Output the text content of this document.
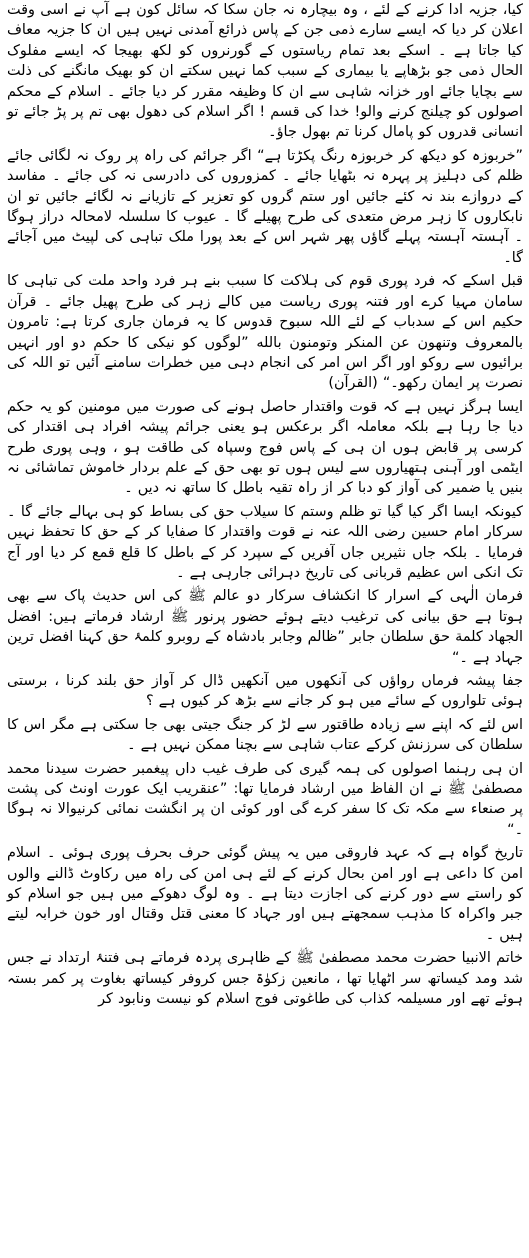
کیا، جزیہ ادا کرنے کے لئے ، وہ بیچارہ نہ جان سکا کہ سائل کون ہے آپ نے اسی وقت اعلان کر دیا کہ ایسے سارے ذمی جن کے پاس ذرائع آمدنی نہیں ہیں ان کا جزیہ معاف کیا جاتا ہے ۔ اسکے بعد تمام ریاستوں کے گورنروں کو لکھ بھیجا کہ ایسے مفلوک الحال ذمی جو بڑھاپے یا بیماری کے سبب کما نہیں سکتے ان کو بھیک مانگنے کی ذلت سے بچایا جائے اور خزانہ شاہی سے ان کا وظیفہ مقرر کر دیا جائے ۔ اسلام کے محکم اصولوں کو چیلنج کرنے والو! خدا کی قسم ! اگر اسلام کی دھول بھی تم پر پڑ جائے تو انسانی قدروں کو پامال کرنا تم بھول جاؤ۔

”خربوزہ کو دیکھ کر خربوزہ رنگ پکڑتا ہے“ اگر جرائم کی راہ پر روک نہ لگائی جائے ظلم کی دہلیز پر پہرہ نہ بٹھایا جائے ۔ کمزوروں کی دادرسی نہ کی جائے ۔ مفاسد کے دروازے بند نہ کئے جائیں اور ستم گروں کو تعزیر کے تازیانے نہ لگائے جائیں تو ان نابکاروں کا زہر مرض متعدی کی طرح پھیلے گا ۔ عیوب کا سلسلہ لامحالہ دراز ہوگا ۔ آہستہ آہستہ پہلے گاؤں پھر شہر اس کے بعد پورا ملک تباہی کی لپیٹ میں آجائے گا۔

قبل اسکے کہ فرد پوری قوم کی ہلاکت کا سبب بنے ہر فرد واحد ملت کی تباہی کا سامان مہیا کرے اور فتنہ پوری ریاست میں کالے زہر کی طرح پھیل جائے ۔ قرآن حکیم اس کے سدباب کے لئے اللہ سبوح قدوس کا یہ فرمان جاری کرتا ہے: تامرون بالمعروف وتنهون عن المنكر وتومنون بالله ”لوگوں کو نیکی کا حکم دو اور انہیں برائیوں سے روکو اور اگر اس امر کی انجام دہی میں خطرات سامنے آئیں تو اللہ کی نصرت پر ایمان رکھو۔“ (القرآن)

ایسا ہرگز نہیں ہے کہ قوت واقتدار حاصل ہونے کی صورت میں مومنین کو یہ حکم دیا جا رہا ہے بلکہ معاملہ اگر برعکس ہو یعنی جرائم پیشہ افراد ہی اقتدار کی کرسی پر قابض ہوں ان ہی کے پاس فوج وسپاہ کی طاقت ہو ، وہی پوری طرح ایٹمی اور آہنی ہتھیاروں سے لیس ہوں تو بھی حق کے علم بردار خاموش تماشائی نہ بنیں یا ضمیر کی آواز کو دبا کر از راہ تقیہ باطل کا ساتھ نہ دیں ۔

کیونکہ ایسا اگر کیا گیا تو ظلم وستم کا سیلاب حق کی بساط کو ہی بہالے جائے گا ۔ سرکار امام حسین رضی اللہ عنہ نے قوت واقتدار کا صفایا کر کے حق کا تحفظ نہیں فرمایا ۔ بلکہ جاں نثیریں جاں آفریں کے سپرد کر کے باطل کا قلع قمع کر دیا اور آج تک انکی اس عظیم قربانی کی تاریخ دہرائی جارہی ہے ۔

فرمان الٰہی کے اسرار کا انکشاف سرکار دو عالم ﷺ کی اس حدیث پاک سے بھی ہوتا ہے حق بیانی کی ترغیب دیتے ہوئے حضور پرنور ﷺ ارشاد فرماتے ہیں: افضل الجهاد كلمة حق سلطان جابر ”ظالم وجابر بادشاہ کے روبرو کلمۂ حق کہنا افضل ترین جہاد ہے ۔“

جفا پیشہ فرماں رواؤں کی آنکھوں میں آنکھیں ڈال کر آواز حق بلند کرنا ، برستی ہوئی تلواروں کے سائے میں ہو کر جانے سے بڑھ کر کیوں ہے ؟

اس لئے کہ اپنے سے زیادہ طاقتور سے لڑ کر جنگ جیتی بھی جا سکتی ہے مگر اس کا سلطان کی سرزنش کرکے عتاب شاہی سے بچنا ممکن نہیں ہے ۔

ان ہی رہنما اصولوں کی ہمہ گیری کی طرف غیب داں پیغمبر حضرت سیدنا محمد مصطفیٰ ﷺ نے ان الفاظ میں ارشاد فرمایا تھا: ”عنقریب ایک عورت اونٹ کی پشت پر صنعاء سے مکہ تک کا سفر کرے گی اور کوئی ان پر انگشت نمائی کرنیوالا نہ ہوگا ۔“

تاریخ گواہ ہے کہ عہد فاروقی میں یہ پیش گوئی حرف بحرف پوری ہوئی ۔ اسلام امن کا داعی ہے اور امن بحال کرنے کے لئے ہی امن کی راہ میں رکاوٹ ڈالنے والوں کو راستے سے دور کرنے کی اجازت دیتا ہے ۔ وہ لوگ دھوکے میں ہیں جو اسلام کو جبر واکراہ کا مذہب سمجھتے ہیں اور جہاد کا معنی قتل وقتال اور خون خرابہ لیتے ہیں ۔

خاتم الانبیا حضرت محمد مصطفیٰ ﷺ کے ظاہری پردہ فرماتے ہی فتنۂ ارتداد نے جس شد ومد کیساتھ سر اٹھایا تھا ، مانعین زکوٰۃ جس کروفر کیساتھ بغاوت پر کمر بستہ ہوئے تھے اور مسیلمہ کذاب کی طاغوتی فوج اسلام کو نیست ونابود کر
